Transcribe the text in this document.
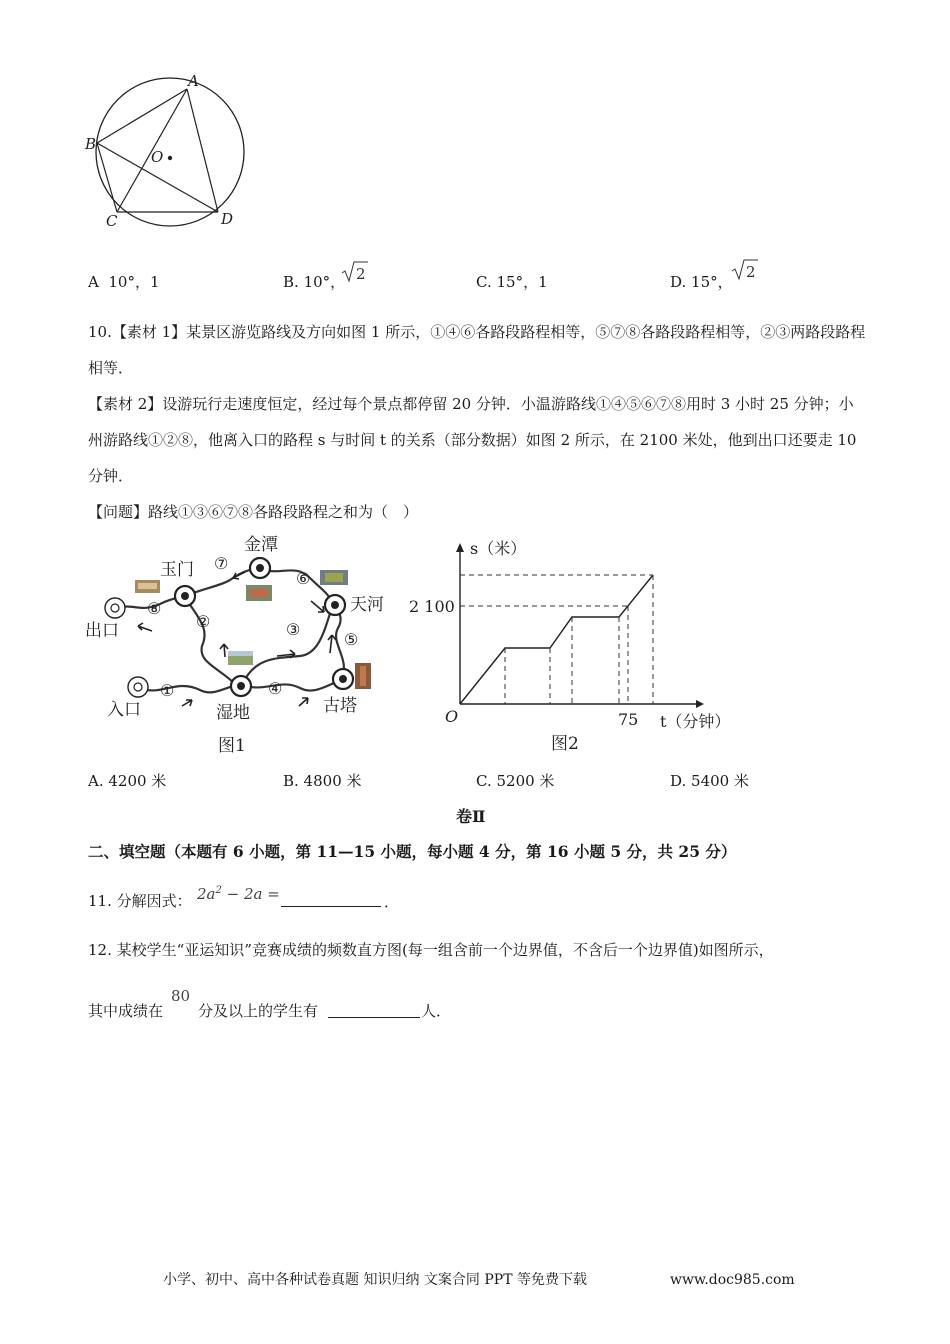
A
B
O
C	D
A 10°，1	B. 10°， 2	C. 15°，1	D. 15°，
2
10.【素材 1】某景区游览路线及方向如图 1 所示，①④⑥各路段路程相等，⑤⑦⑧各路段路程相等，②③两路段路程相等．
【素材 2】设游玩行走速度恒定，经过每个景点都停留 20 分钟．小温游路线①④⑤⑥⑦⑧用时 3 小时 25 分钟；小州游路线①②⑧，他离入口的路程 s 与时间 t 的关系（部分数据）如图 2 所示，在 2100 米处，他到出口还要走 10 分钟．
【问题】路线①③⑥⑦⑧各路段路程之和为（　）
金潭
玉门
天河
出口
入口	湿地	古塔
①
②	③
④
⑤
⑥
⑦
⑧
图1
s（米）
t（分钟）
2 100
75
O
图2
A. 4200 米	B. 4800 米	C. 5200 米	D. 5400 米
卷Ⅱ
二、填空题（本题有 6 小题，第 11—15 小题，每小题 4 分，第 16 小题 5 分，共 25 分）
11. 分解因式： $2a^2 - 2a$ =	．
12. 某校学生“亚运知识”竞赛成绩的频数直方图(每一组含前一个边界值，不含后一个边界值)如图所示，
其中成绩在
80
分及以上的学生有	人．
小学、初中、高中各种试卷真题 知识归纳 文案合同 PPT 等免费下载	www.doc985.com
